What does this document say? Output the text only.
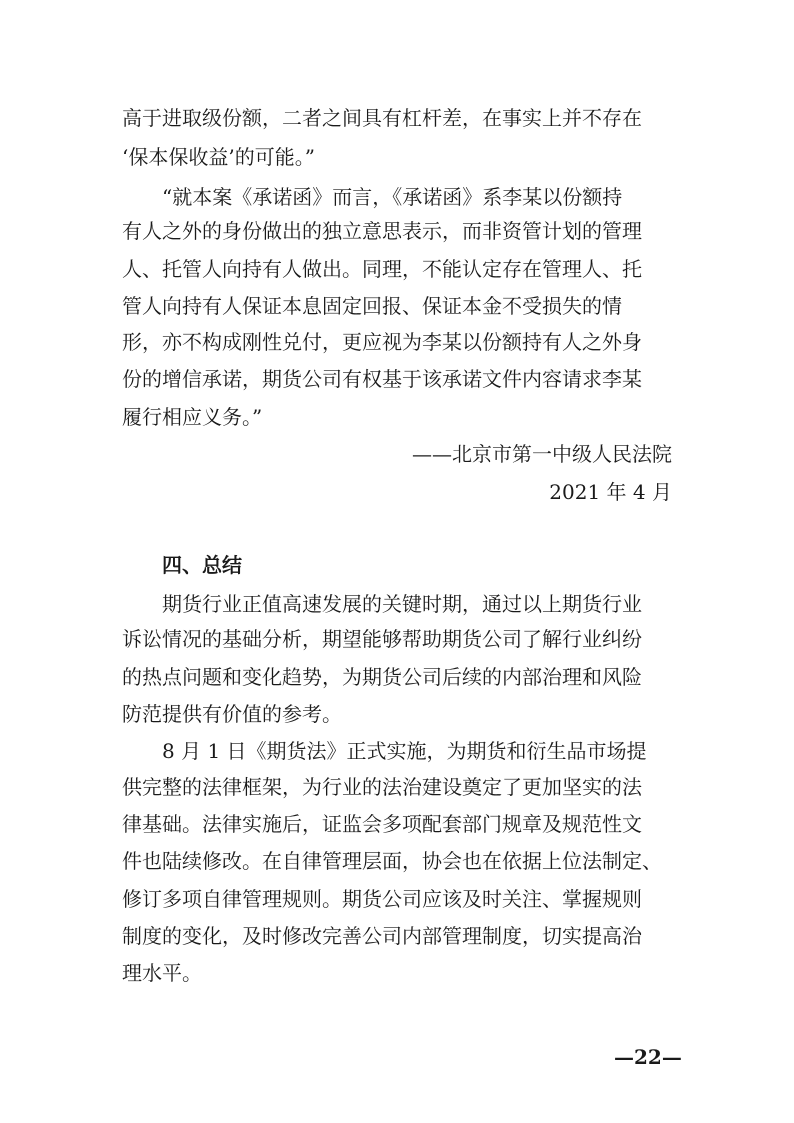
高于进取级份额，二者之间具有杠杆差，在事实上并不存在
‘保本保收益’的可能。”
“就本案《承诺函》而言，《承诺函》系李某以份额持
有人之外的身份做出的独立意思表示，而非资管计划的管理
人、托管人向持有人做出。同理，不能认定存在管理人、托
管人向持有人保证本息固定回报、保证本金不受损失的情
形，亦不构成刚性兑付，更应视为李某以份额持有人之外身
份的增信承诺，期货公司有权基于该承诺文件内容请求李某
履行相应义务。”
——北京市第一中级人民法院
2021 年 4 月
四、总结
期货行业正值高速发展的关键时期，通过以上期货行业
诉讼情况的基础分析，期望能够帮助期货公司了解行业纠纷
的热点问题和变化趋势，为期货公司后续的内部治理和风险
防范提供有价值的参考。
8 月 1 日《期货法》正式实施，为期货和衍生品市场提
供完整的法律框架，为行业的法治建设奠定了更加坚实的法
律基础。法律实施后，证监会多项配套部门规章及规范性文
件也陆续修改。在自律管理层面，协会也在依据上位法制定、
修订多项自律管理规则。期货公司应该及时关注、掌握规则
制度的变化，及时修改完善公司内部管理制度，切实提高治
理水平。
—22—
